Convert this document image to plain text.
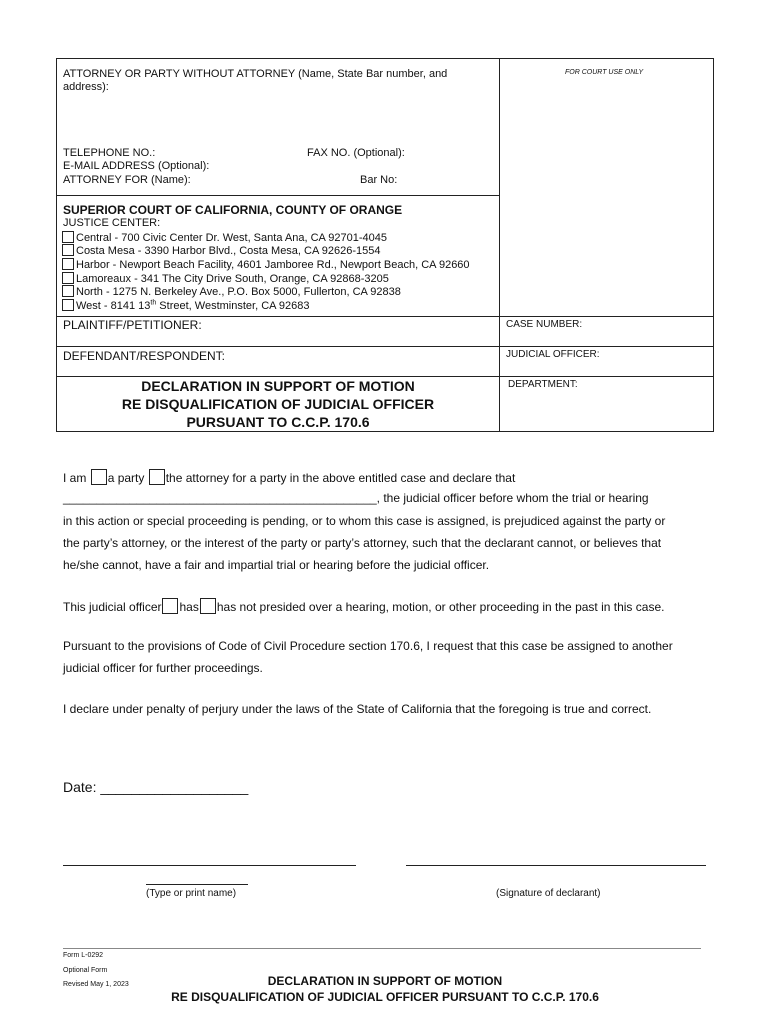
ATTORNEY OR PARTY WITHOUT ATTORNEY (Name, State Bar number, and
address):
FOR COURT USE ONLY
TELEPHONE NO.:	FAX NO. (Optional):
E-MAIL ADDRESS (Optional):
ATTORNEY FOR (Name):	Bar No:
SUPERIOR COURT OF CALIFORNIA, COUNTY OF ORANGE
JUSTICE CENTER:
Central - 700 Civic Center Dr. West, Santa Ana, CA 92701-4045
Costa Mesa - 3390 Harbor Blvd., Costa Mesa, CA 92626-1554
Harbor - Newport Beach Facility, 4601 Jamboree Rd., Newport Beach, CA 92660
Lamoreaux - 341 The City Drive South, Orange, CA 92868-3205
North - 1275 N. Berkeley Ave., P.O. Box 5000, Fullerton, CA 92838
West - 8141 13th Street, Westminster, CA 92683
PLAINTIFF/PETITIONER:	CASE NUMBER:
DEFENDANT/RESPONDENT:	JUDICIAL OFFICER:
DEPARTMENT:
DECLARATION IN SUPPORT OF MOTION
RE DISQUALIFICATION OF JUDICIAL OFFICER
PURSUANT TO C.C.P. 170.6
I am a party the attorney for a party in the above entitled case and declare that
_______________________________________________, the judicial officer before whom the trial or hearing
in this action or special proceeding is pending, or to whom this case is assigned, is prejudiced against the party or
the party’s attorney, or the interest of the party or party’s attorney, such that the declarant cannot, or believes that
he/she cannot, have a fair and impartial trial or hearing before the judicial officer.
This judicial officer has has not presided over a hearing, motion, or other proceeding in the past in this case.
Pursuant to the provisions of Code of Civil Procedure section 170.6, I request that this case be assigned to another
judicial officer for further proceedings.
I declare under penalty of perjury under the laws of the State of California that the foregoing is true and correct.
Date: ___________________
(Type or print name)	(Signature of declarant)
Form L-0292
Optional Form
Revised May 1, 2023	DECLARATION IN SUPPORT OF MOTION
RE DISQUALIFICATION OF JUDICIAL OFFICER PURSUANT TO C.C.P. 170.6
